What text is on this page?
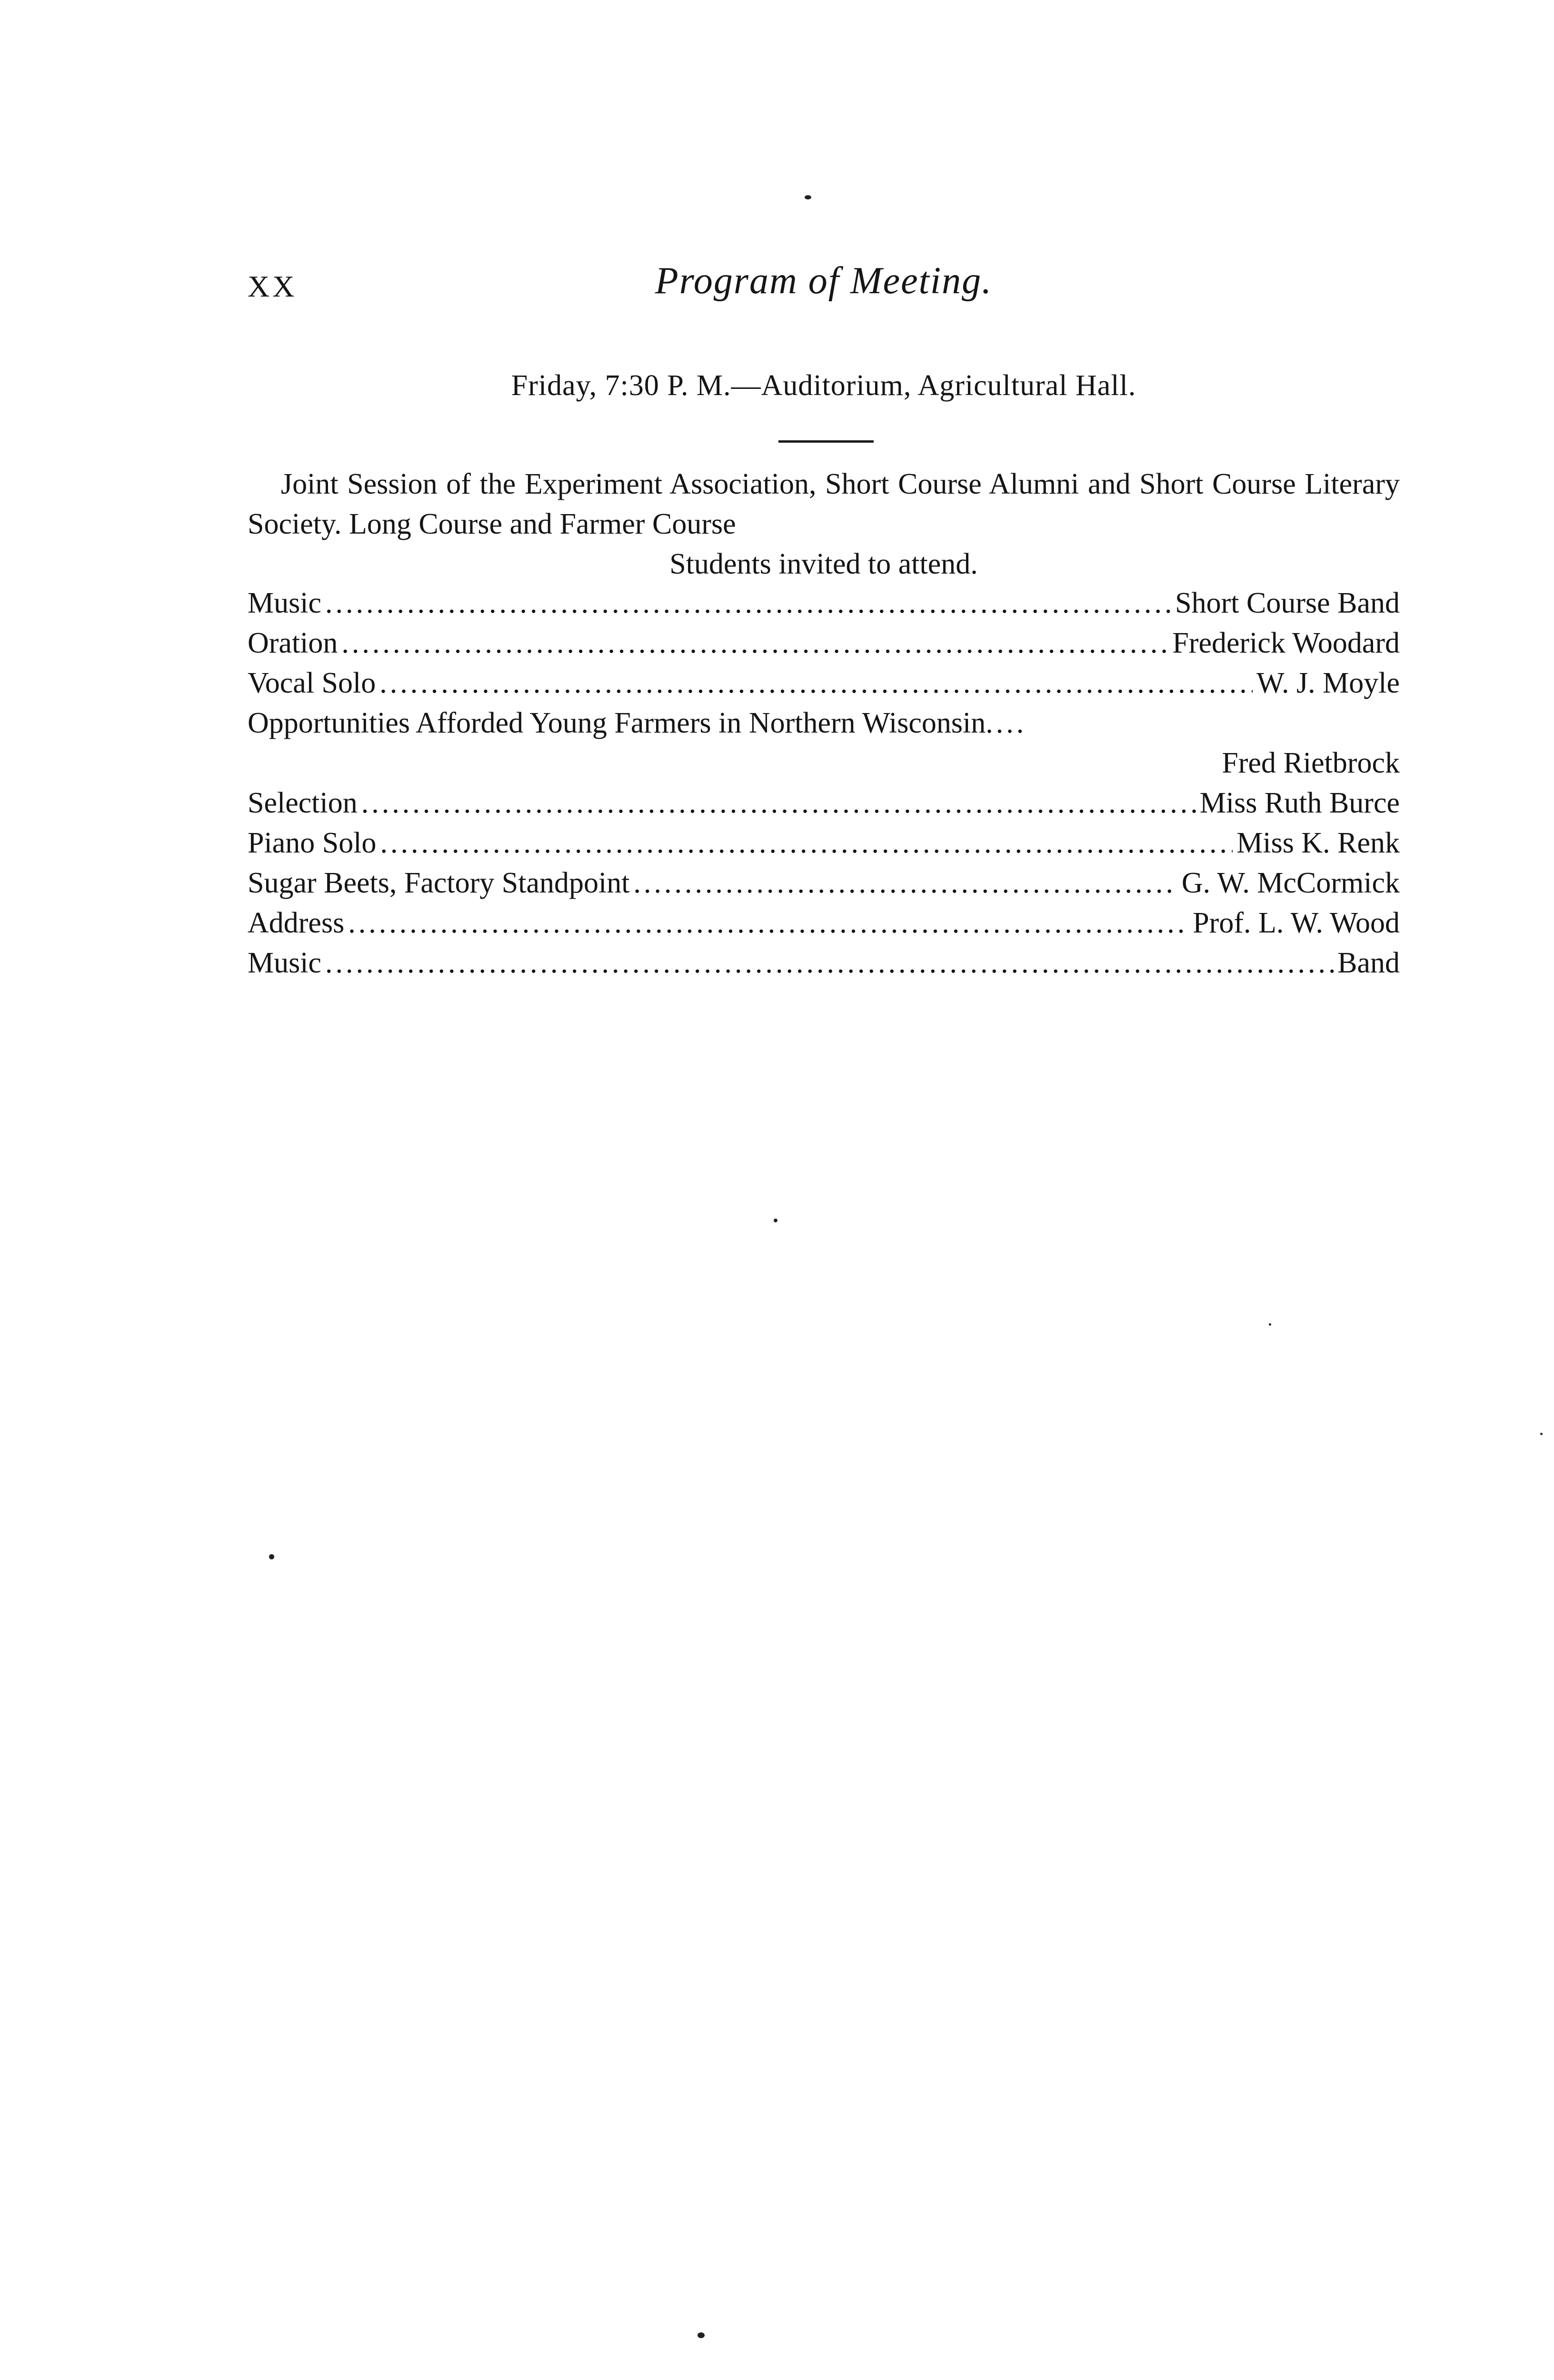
XX	Program of Meeting.
Friday, 7:30 P. M.—Auditorium, Agricultural Hall.
Joint Session of the Experiment Association, Short Course Alumni and Short Course Literary Society. Long Course and Farmer Course
Students invited to attend.
Music .....	Short Course Band
Oration .....	Frederick Woodard
Vocal Solo .....	W. J. Moyle
Opportunities Afforded Young Farmers in Northern Wisconsin....
Fred Rietbrock
Selection .....	Miss Ruth Burce
Piano Solo .....	Miss K. Renk
Sugar Beets, Factory Standpoint .....	G. W. McCormick
Address .....	Prof. L. W. Wood
Music .....	Band
